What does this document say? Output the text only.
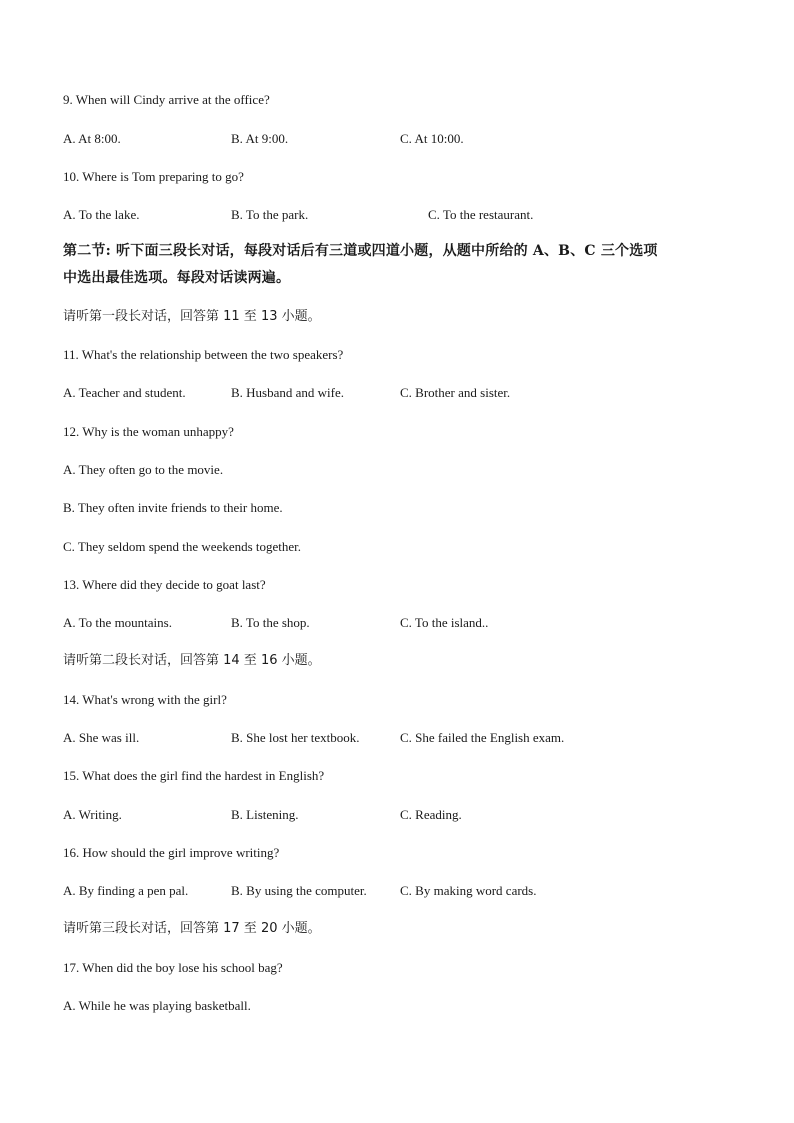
9. When will Cindy arrive at the office?
A. At 8:00.	B. At 9:00.	C. At 10:00.
10. Where is Tom preparing to go?
A. To the lake.	B. To the park.	C. To the restaurant.
第二节: 听下面三段长对话，每段对话后有三道或四道小题，从题中所给的 A、B、C 三个选项
中选出最佳选项。每段对话读两遍。
请听第一段长对话，回答第 11 至 13 小题。
11. What's the relationship between the two speakers?
A. Teacher and student.	B. Husband and wife.	C. Brother and sister.
12. Why is the woman unhappy?
A. They often go to the movie.
B. They often invite friends to their home.
C. They seldom spend the weekends together.
13. Where did they decide to goat last?
A. To the mountains.	B. To the shop.	C. To the island..
请听第二段长对话，回答第 14 至 16 小题。
14. What's wrong with the girl?
A. She was ill.	B. She lost her textbook.	C. She failed the English exam.
15. What does the girl find the hardest in English?
A. Writing.	B. Listening.	C. Reading.
16. How should the girl improve writing?
A. By finding a pen pal.	B. By using the computer.	C. By making word cards.
请听第三段长对话，回答第 17 至 20 小题。
17. When did the boy lose his school bag?
A. While he was playing basketball.
